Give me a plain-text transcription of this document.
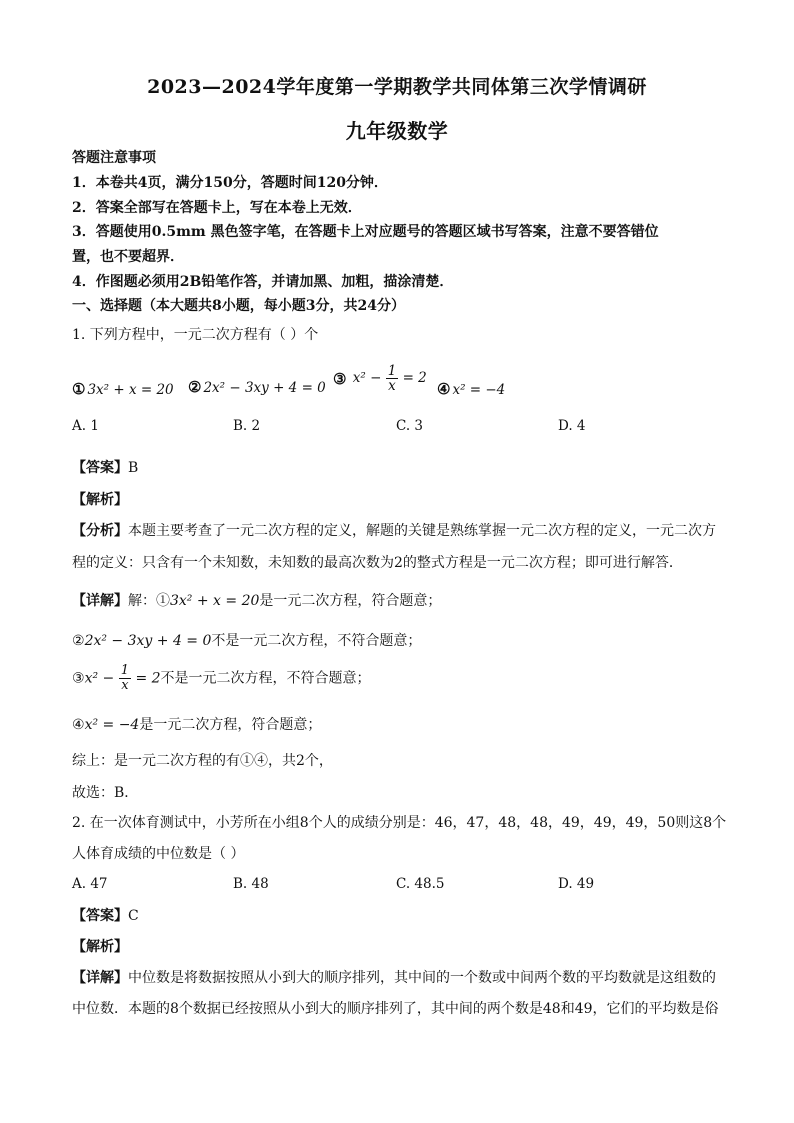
2023—2024学年度第一学期教学共同体第三次学情调研
九年级数学
答题注意事项
1．本卷共4页，满分150分，答题时间120分钟．
2．答案全部写在答题卡上，写在本卷上无效．
3．答题使用0.5mm 黑色签字笔，在答题卡上对应题号的答题区域书写答案，注意不要答错位
置，也不要超界．
4．作图题必须用2B铅笔作答，并请加黑、加粗，描涂清楚．
一、选择题（本大题共8小题，每小题3分，共24分）
1. 下列方程中，一元二次方程有（ ）个
① 3x² + x = 20 ② 2x² − 3xy + 4 = 0
③ $x^2 - \frac{1}{x} = 2$
④ x² = −4
A. 1	B. 2	C. 3	D. 4
【答案】B
【解析】
【分析】本题主要考查了一元二次方程的定义，解题的关键是熟练掌握一元二次方程的定义，一元二次方
程的定义：只含有一个未知数，未知数的最高次数为2的整式方程是一元二次方程；即可进行解答．
【详解】解：①3x² + x = 20是一元二次方程，符合题意；
②2x² − 3xy + 4 = 0不是一元二次方程，不符合题意；
③x² − $\frac{1}{x} = 2$不是一元二次方程，不符合题意；
④x² = −4是一元二次方程，符合题意；
综上：是一元二次方程的有①④，共2个，
故选：B．
2. 在一次体育测试中，小芳所在小组8个人的成绩分别是：46，47，48，48，49，49，49，50则这8个
人体育成绩的中位数是（ ）
A. 47	B. 48	C. 48.5	D. 49
【答案】C
【解析】
【详解】中位数是将数据按照从小到大的顺序排列，其中间的一个数或中间两个数的平均数就是这组数的
中位数．本题的8个数据已经按照从小到大的顺序排列了，其中间的两个数是48和49，它们的平均数是俗
